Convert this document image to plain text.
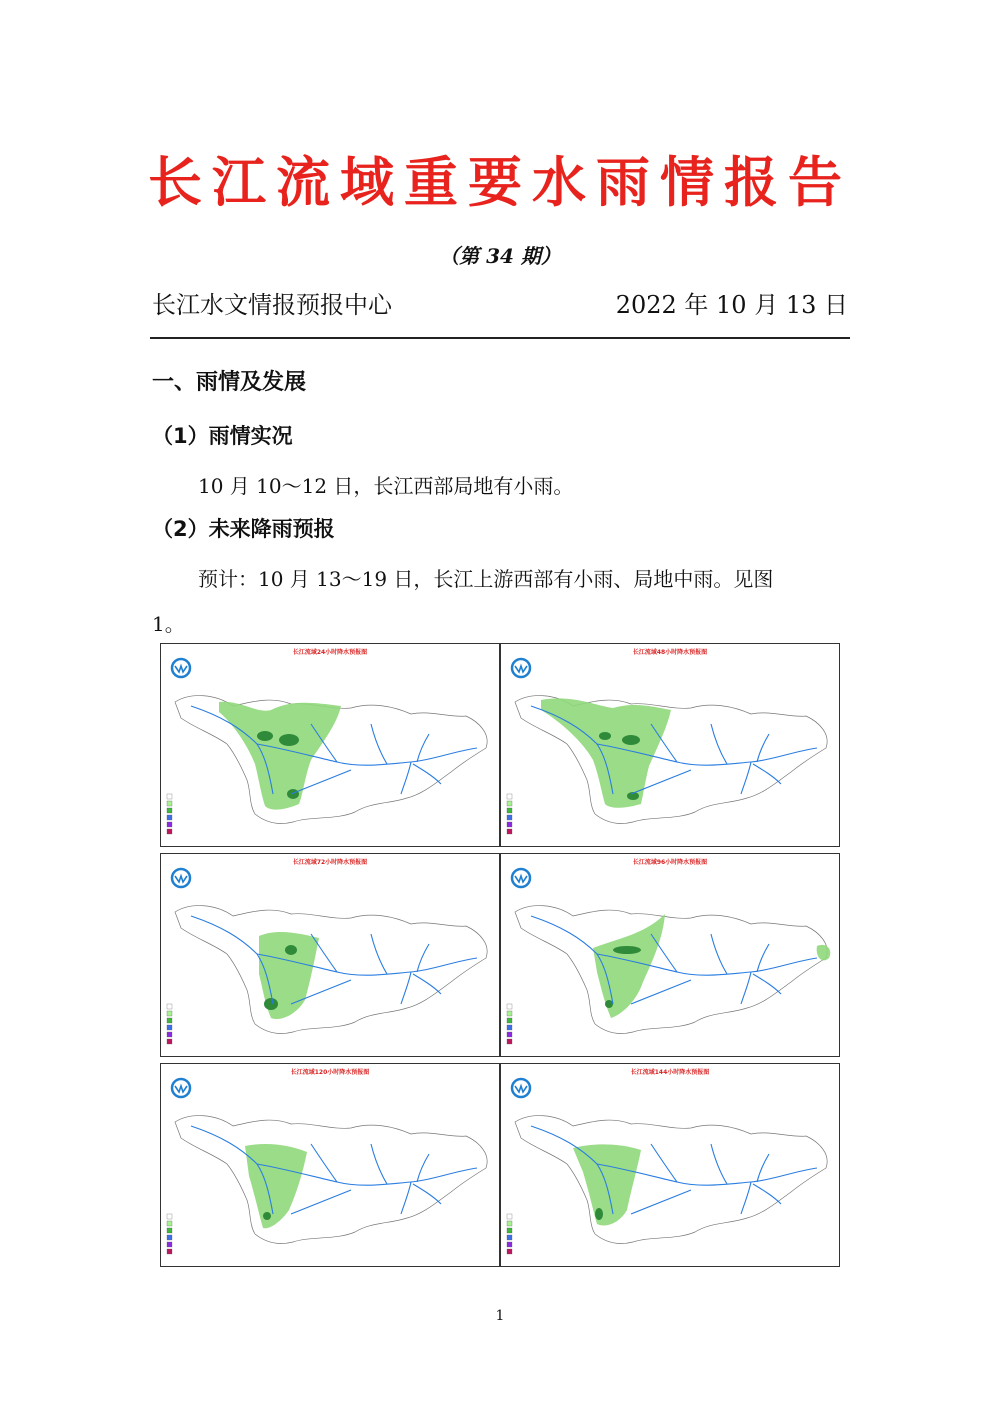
长江流域重要水雨情报告
（第 34 期）
长江水文情报预报中心	2022 年 10 月 13 日
一、雨情及发展
（1）雨情实况
10 月 10～12 日，长江西部局地有小雨。
（2）未来降雨预报
预计：10 月 13～19 日，长江上游西部有小雨、局地中雨。见图
1。
长江流域24小时降水预报图	长江流域48小时降水预报图
长江流域72小时降水预报图	长江流域96小时降水预报图
长江流域120小时降水预报图	长江流域144小时降水预报图
1
